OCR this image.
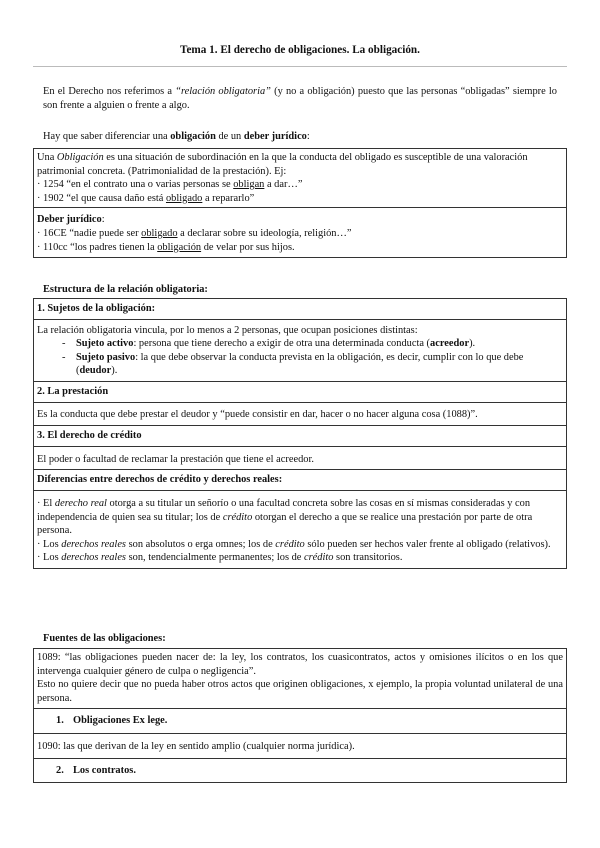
Tema 1. El derecho de obligaciones. La obligación.

En el Derecho nos referimos a “relación obligatoria” (y no a obligación) puesto que las personas “obligadas” siempre lo son frente a alguien o frente a algo.

Hay que saber diferenciar una obligación de un deber jurídico:

Una Obligación es una situación de subordinación en la que la conducta del obligado es susceptible de una valoración patrimonial concreta. (Patrimonialidad de la prestación). Ej:
· 1254 “en el contrato una o varias personas se obligan a dar…”
· 1902 “el que causa daño está obligado a repararlo”
Deber jurídico:
· 16CE “nadie puede ser obligado a declarar sobre su ideología, religión…”
· 110cc “los padres tienen la obligación de velar por sus hijos.
Estructura de la relación obligatoria:
1. Sujetos de la obligación:
La relación obligatoria vincula, por lo menos a 2 personas, que ocupan posiciones distintas:
- Sujeto activo: persona que tiene derecho a exigir de otra una determinada conducta (acreedor).
- Sujeto pasivo: la que debe observar la conducta prevista en la obligación, es decir, cumplir con lo que debe (deudor).
2. La prestación
Es la conducta que debe prestar el deudor y “puede consistir en dar, hacer o no hacer alguna cosa (1088)”.
3. El derecho de crédito
El poder o facultad de reclamar la prestación que tiene el acreedor.
Diferencias entre derechos de crédito y derechos reales:
· El derecho real otorga a su titular un señorío o una facultad concreta sobre las cosas en sí mismas consideradas y con independencia de quien sea su titular; los de crédito otorgan el derecho a que se realice una prestación por parte de otra persona.
· Los derechos reales son absolutos o erga omnes; los de crédito sólo pueden ser hechos valer frente al obligado (relativos).
· Los derechos reales son, tendencialmente permanentes; los de crédito son transitorios.
Fuentes de las obligaciones:
1089: “las obligaciones pueden nacer de: la ley, los contratos, los cuasicontratos, actos y omisiones ilícitos o en los que intervenga cualquier género de culpa o negligencia”.
Esto no quiere decir que no pueda haber otros actos que originen obligaciones, x ejemplo, la propia voluntad unilateral de una persona.
1. Obligaciones Ex lege.
1090: las que derivan de la ley en sentido amplio (cualquier norma jurídica).
2. Los contratos.
